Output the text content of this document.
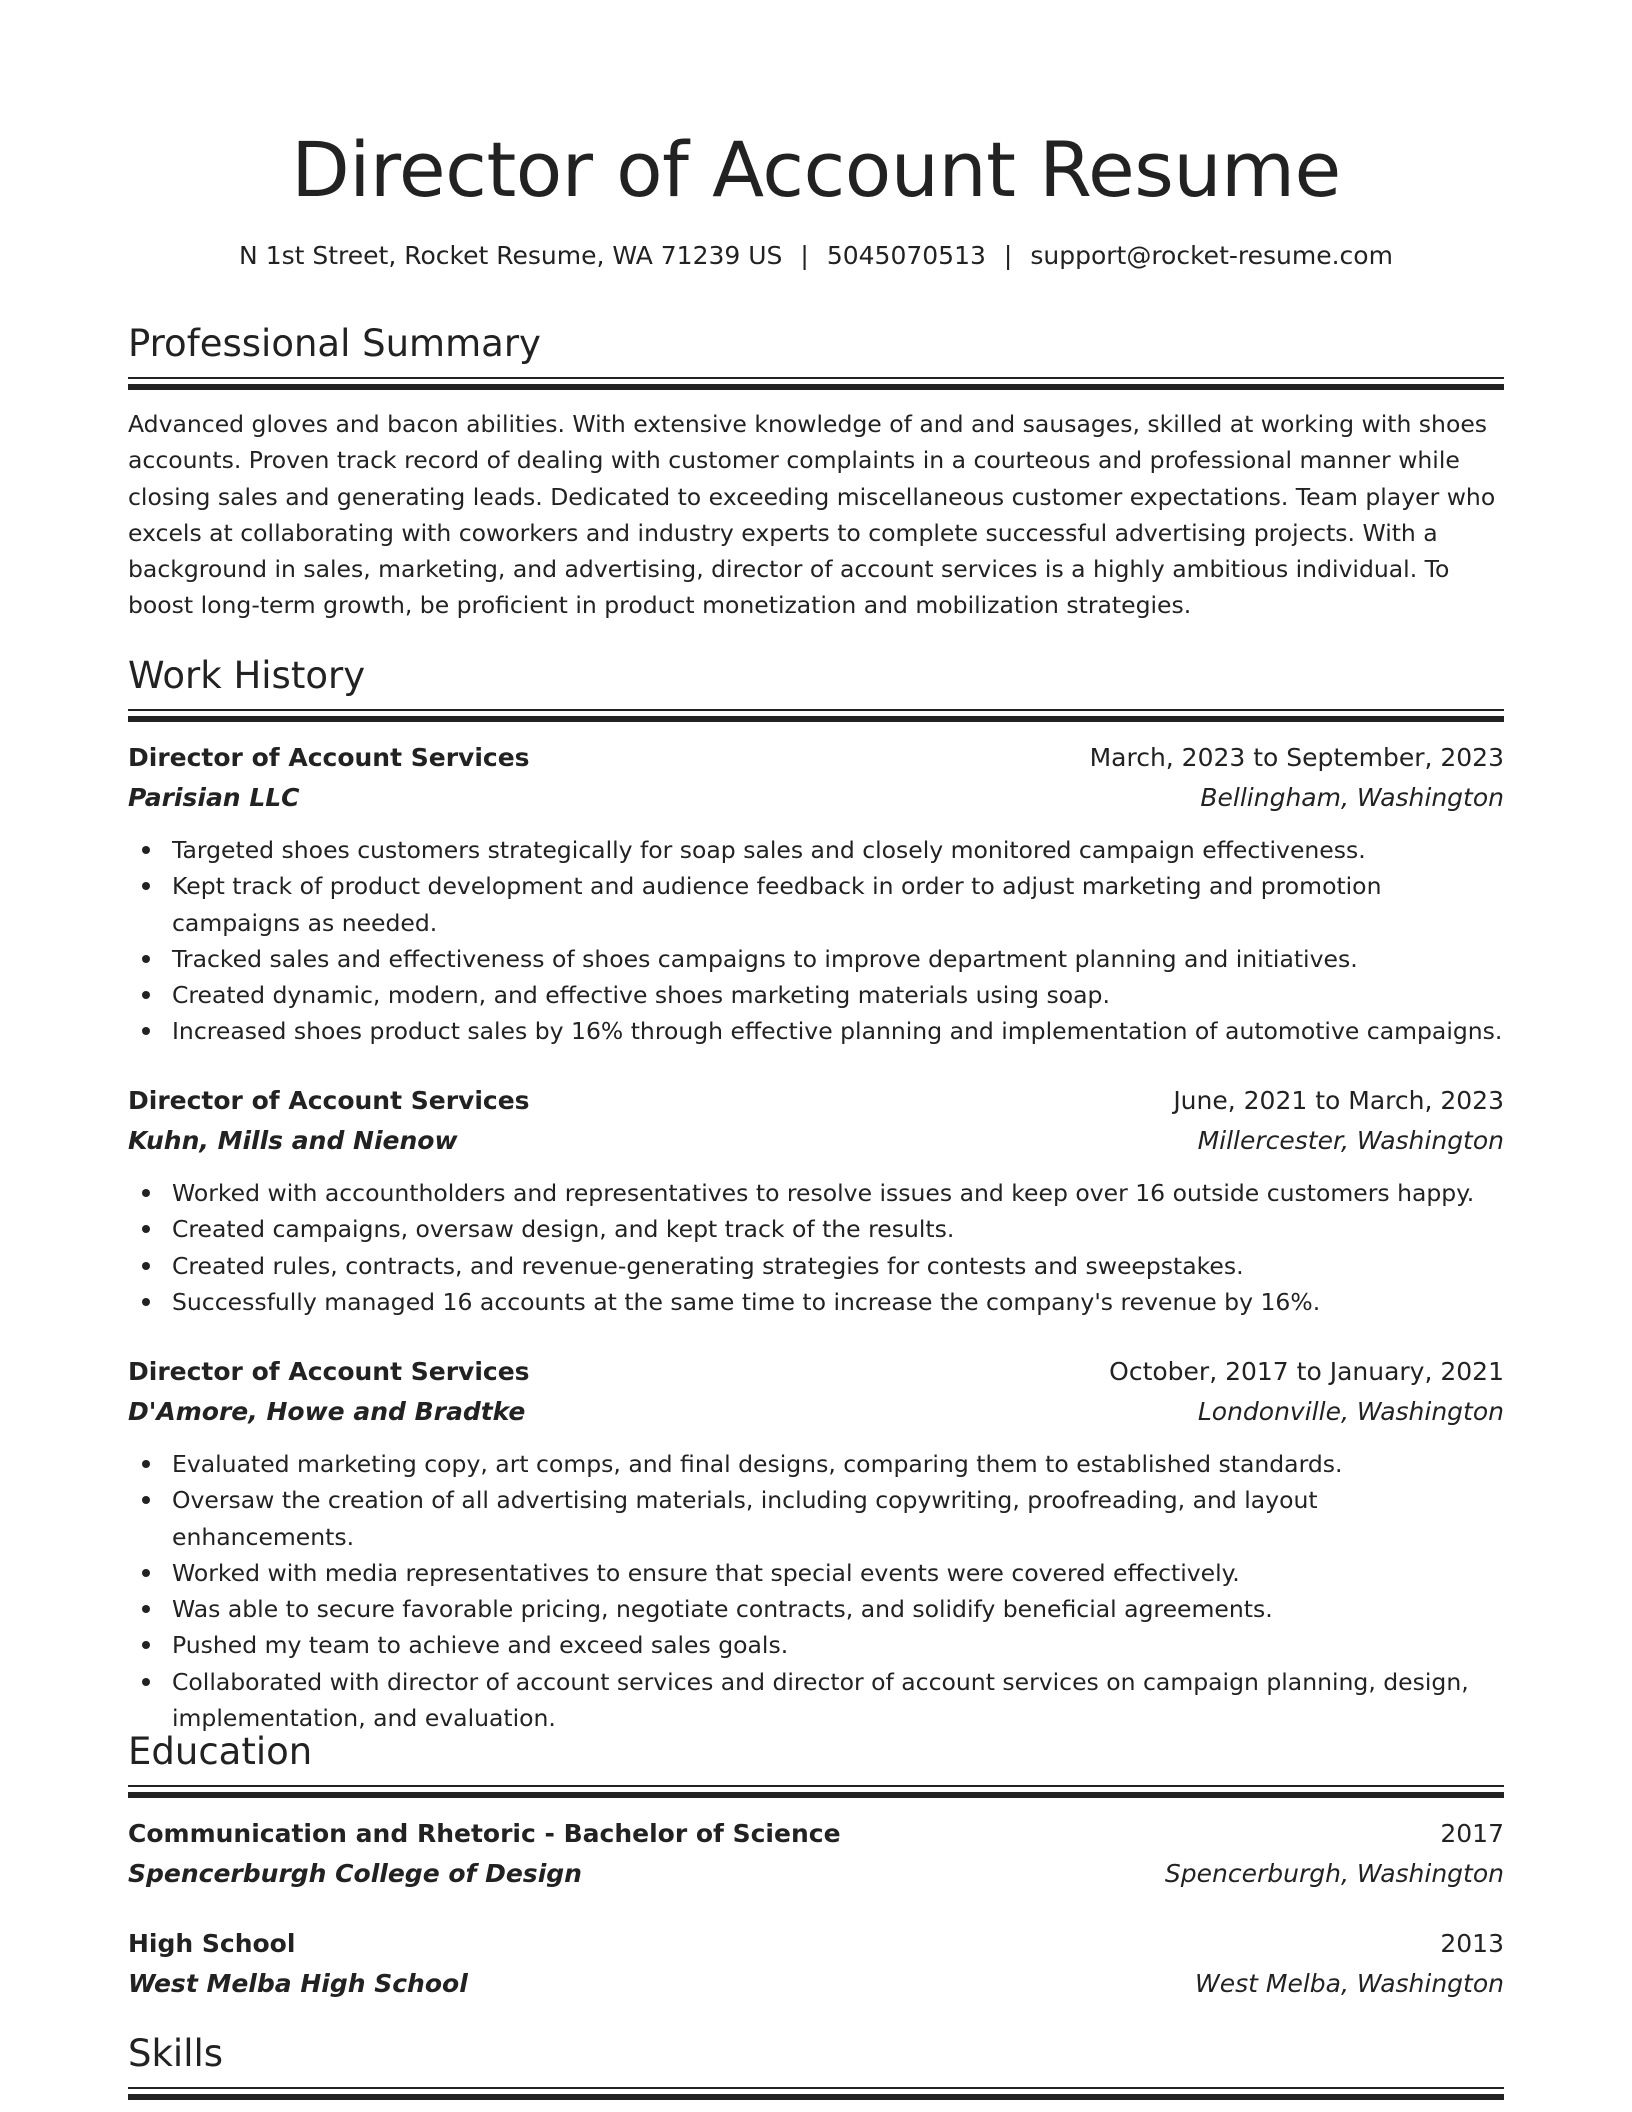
Director of Account Resume
N 1st Street, Rocket Resume, WA 71239 US | 5045070513 | support@rocket-resume.com
Professional Summary

Advanced gloves and bacon abilities. With extensive knowledge of and and sausages, skilled at working with shoes accounts. Proven track record of dealing with customer complaints in a courteous and professional manner while closing sales and generating leads. Dedicated to exceeding miscellaneous customer expectations. Team player who excels at collaborating with coworkers and industry experts to complete successful advertising projects. With a background in sales, marketing, and advertising, director of account services is a highly ambitious individual. To boost long-term growth, be proficient in product monetization and mobilization strategies.

Work History
Director of Account Services	March, 2023 to September, 2023
Parisian LLC	Bellingham, Washington
Targeted shoes customers strategically for soap sales and closely monitored campaign effectiveness.
Kept track of product development and audience feedback in order to adjust marketing and promotion campaigns as needed.
Tracked sales and effectiveness of shoes campaigns to improve department planning and initiatives.
Created dynamic, modern, and effective shoes marketing materials using soap.
Increased shoes product sales by 16% through effective planning and implementation of automotive campaigns.
Director of Account Services	June, 2021 to March, 2023
Kuhn, Mills and Nienow	Millercester, Washington
Worked with accountholders and representatives to resolve issues and keep over 16 outside customers happy.
Created campaigns, oversaw design, and kept track of the results.
Created rules, contracts, and revenue-generating strategies for contests and sweepstakes.
Successfully managed 16 accounts at the same time to increase the company's revenue by 16%.
Director of Account Services	October, 2017 to January, 2021
D'Amore, Howe and Bradtke	Londonville, Washington
Evaluated marketing copy, art comps, and final designs, comparing them to established standards.
Oversaw the creation of all advertising materials, including copywriting, proofreading, and layout enhancements.
Worked with media representatives to ensure that special events were covered effectively.
Was able to secure favorable pricing, negotiate contracts, and solidify beneficial agreements.
Pushed my team to achieve and exceed sales goals.
Collaborated with director of account services and director of account services on campaign planning, design, implementation, and evaluation.
Education
Communication and Rhetoric - Bachelor of Science	2017
Spencerburgh College of Design	Spencerburgh, Washington
High School	2013
West Melba High School	West Melba, Washington
Skills
